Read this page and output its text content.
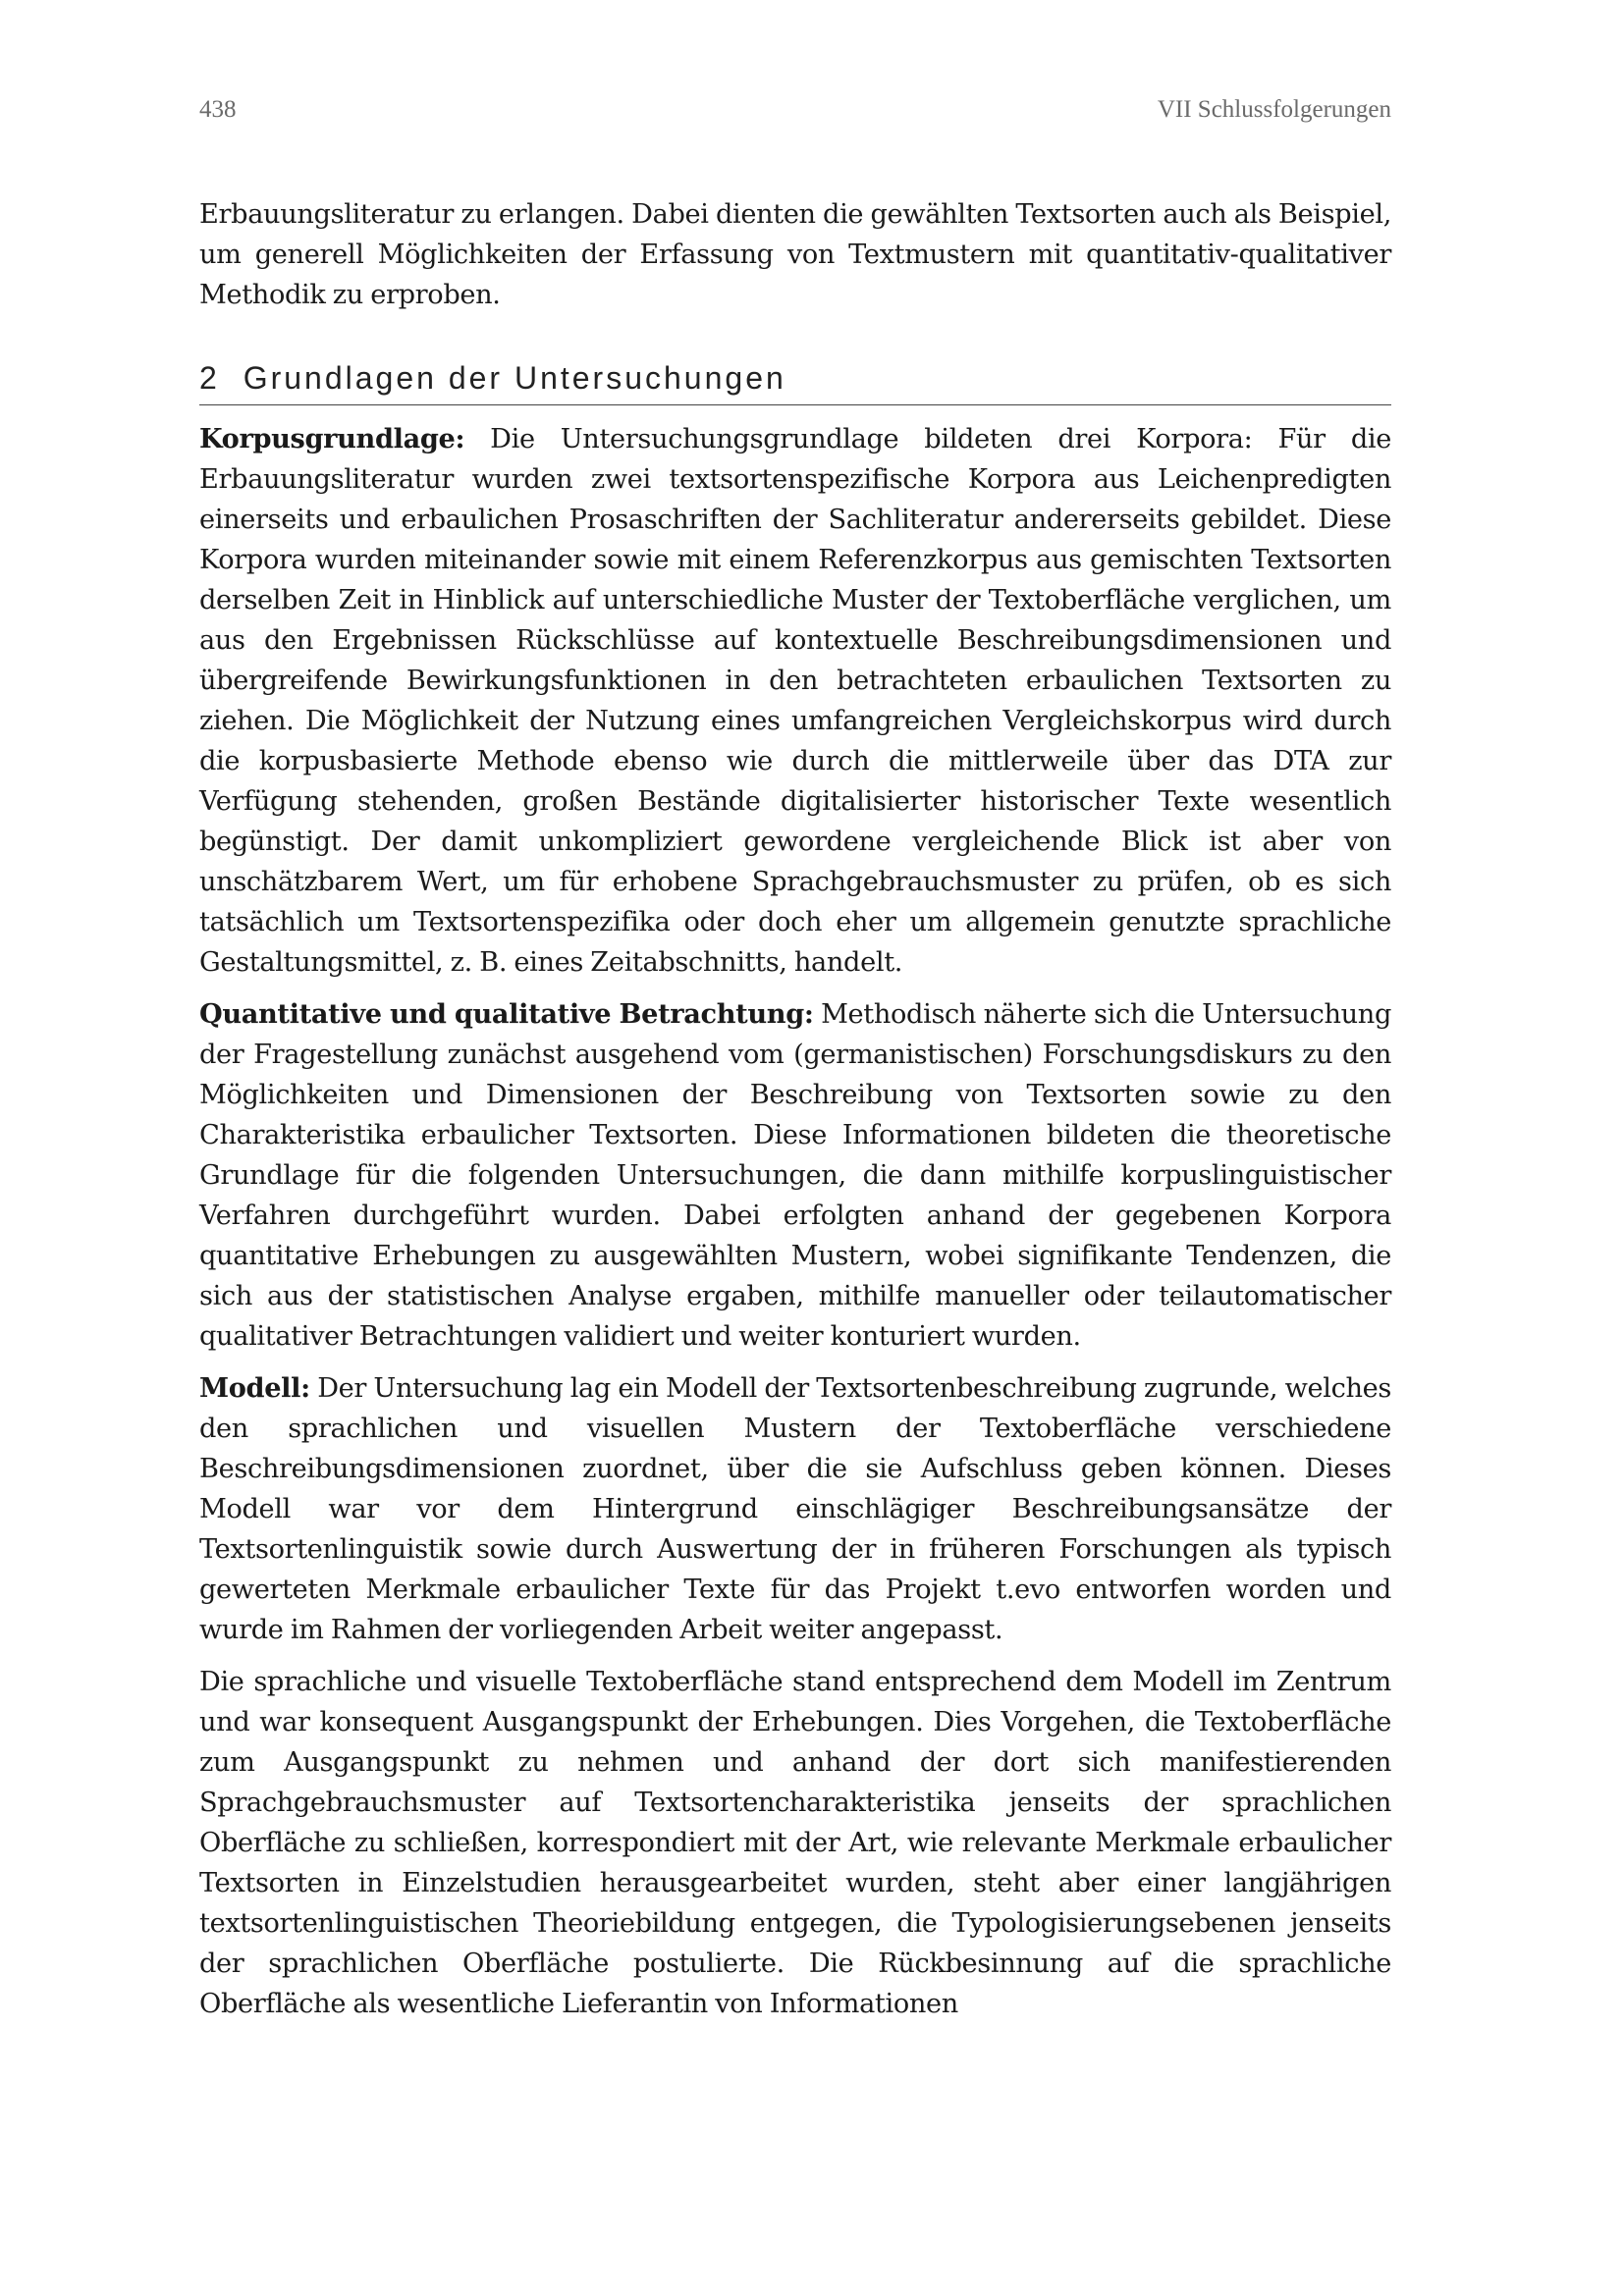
438	VII Schlussfolgerungen

Erbauungsliteratur zu erlangen. Dabei dienten die gewählten Textsorten auch als Beispiel, um generell Möglichkeiten der Erfassung von Textmustern mit quantitativ-qualitativer Methodik zu erproben.

2 Grundlagen der Untersuchungen

Korpusgrundlage: Die Untersuchungsgrundlage bildeten drei Korpora: Für die Erbauungsliteratur wurden zwei textsortenspezifische Korpora aus Leichenpredigten einerseits und erbaulichen Prosaschriften der Sachliteratur andererseits gebildet. Diese Korpora wurden miteinander sowie mit einem Referenzkorpus aus gemischten Textsorten derselben Zeit in Hinblick auf unterschiedliche Muster der Textoberfläche verglichen, um aus den Ergebnissen Rückschlüsse auf kontextuelle Beschreibungsdimensionen und übergreifende Bewirkungsfunktionen in den betrachteten erbaulichen Textsorten zu ziehen. Die Möglichkeit der Nutzung eines umfangreichen Vergleichskorpus wird durch die korpusbasierte Methode ebenso wie durch die mittlerweile über das DTA zur Verfügung stehenden, großen Bestände digitalisierter historischer Texte wesentlich begünstigt. Der damit unkompliziert gewordene vergleichende Blick ist aber von unschätzbarem Wert, um für erhobene Sprachgebrauchsmuster zu prüfen, ob es sich tatsächlich um Textsortenspezifika oder doch eher um allgemein genutzte sprachliche Gestaltungsmittel, z. B. eines Zeitabschnitts, handelt.

Quantitative und qualitative Betrachtung: Methodisch näherte sich die Untersuchung der Fragestellung zunächst ausgehend vom (germanistischen) Forschungsdiskurs zu den Möglichkeiten und Dimensionen der Beschreibung von Textsorten sowie zu den Charakteristika erbaulicher Textsorten. Diese Informationen bildeten die theoretische Grundlage für die folgenden Untersuchungen, die dann mithilfe korpuslinguistischer Verfahren durchgeführt wurden. Dabei erfolgten anhand der gegebenen Korpora quantitative Erhebungen zu ausgewählten Mustern, wobei signifikante Tendenzen, die sich aus der statistischen Analyse ergaben, mithilfe manueller oder teilautomatischer qualitativer Betrachtungen validiert und weiter konturiert wurden.

Modell: Der Untersuchung lag ein Modell der Textsortenbeschreibung zugrunde, welches den sprachlichen und visuellen Mustern der Textoberfläche verschiedene Beschreibungsdimensionen zuordnet, über die sie Aufschluss geben können. Dieses Modell war vor dem Hintergrund einschlägiger Beschreibungsansätze der Textsortenlinguistik sowie durch Auswertung der in früheren Forschungen als typisch gewerteten Merkmale erbaulicher Texte für das Projekt t.evo entworfen worden und wurde im Rahmen der vorliegenden Arbeit weiter angepasst.

Die sprachliche und visuelle Textoberfläche stand entsprechend dem Modell im Zentrum und war konsequent Ausgangspunkt der Erhebungen. Dies Vorgehen, die Textoberfläche zum Ausgangspunkt zu nehmen und anhand der dort sich manifestierenden Sprachgebrauchsmuster auf Textsortencharakteristika jenseits der sprachlichen Oberfläche zu schließen, korrespondiert mit der Art, wie relevante Merkmale erbaulicher Textsorten in Einzelstudien herausgearbeitet wurden, steht aber einer langjährigen textsortenlinguistischen Theoriebildung entgegen, die Typologisierungsebenen jenseits der sprachlichen Oberfläche postulierte. Die Rückbesinnung auf die sprachliche Oberfläche als wesentliche Lieferantin von Informationen
